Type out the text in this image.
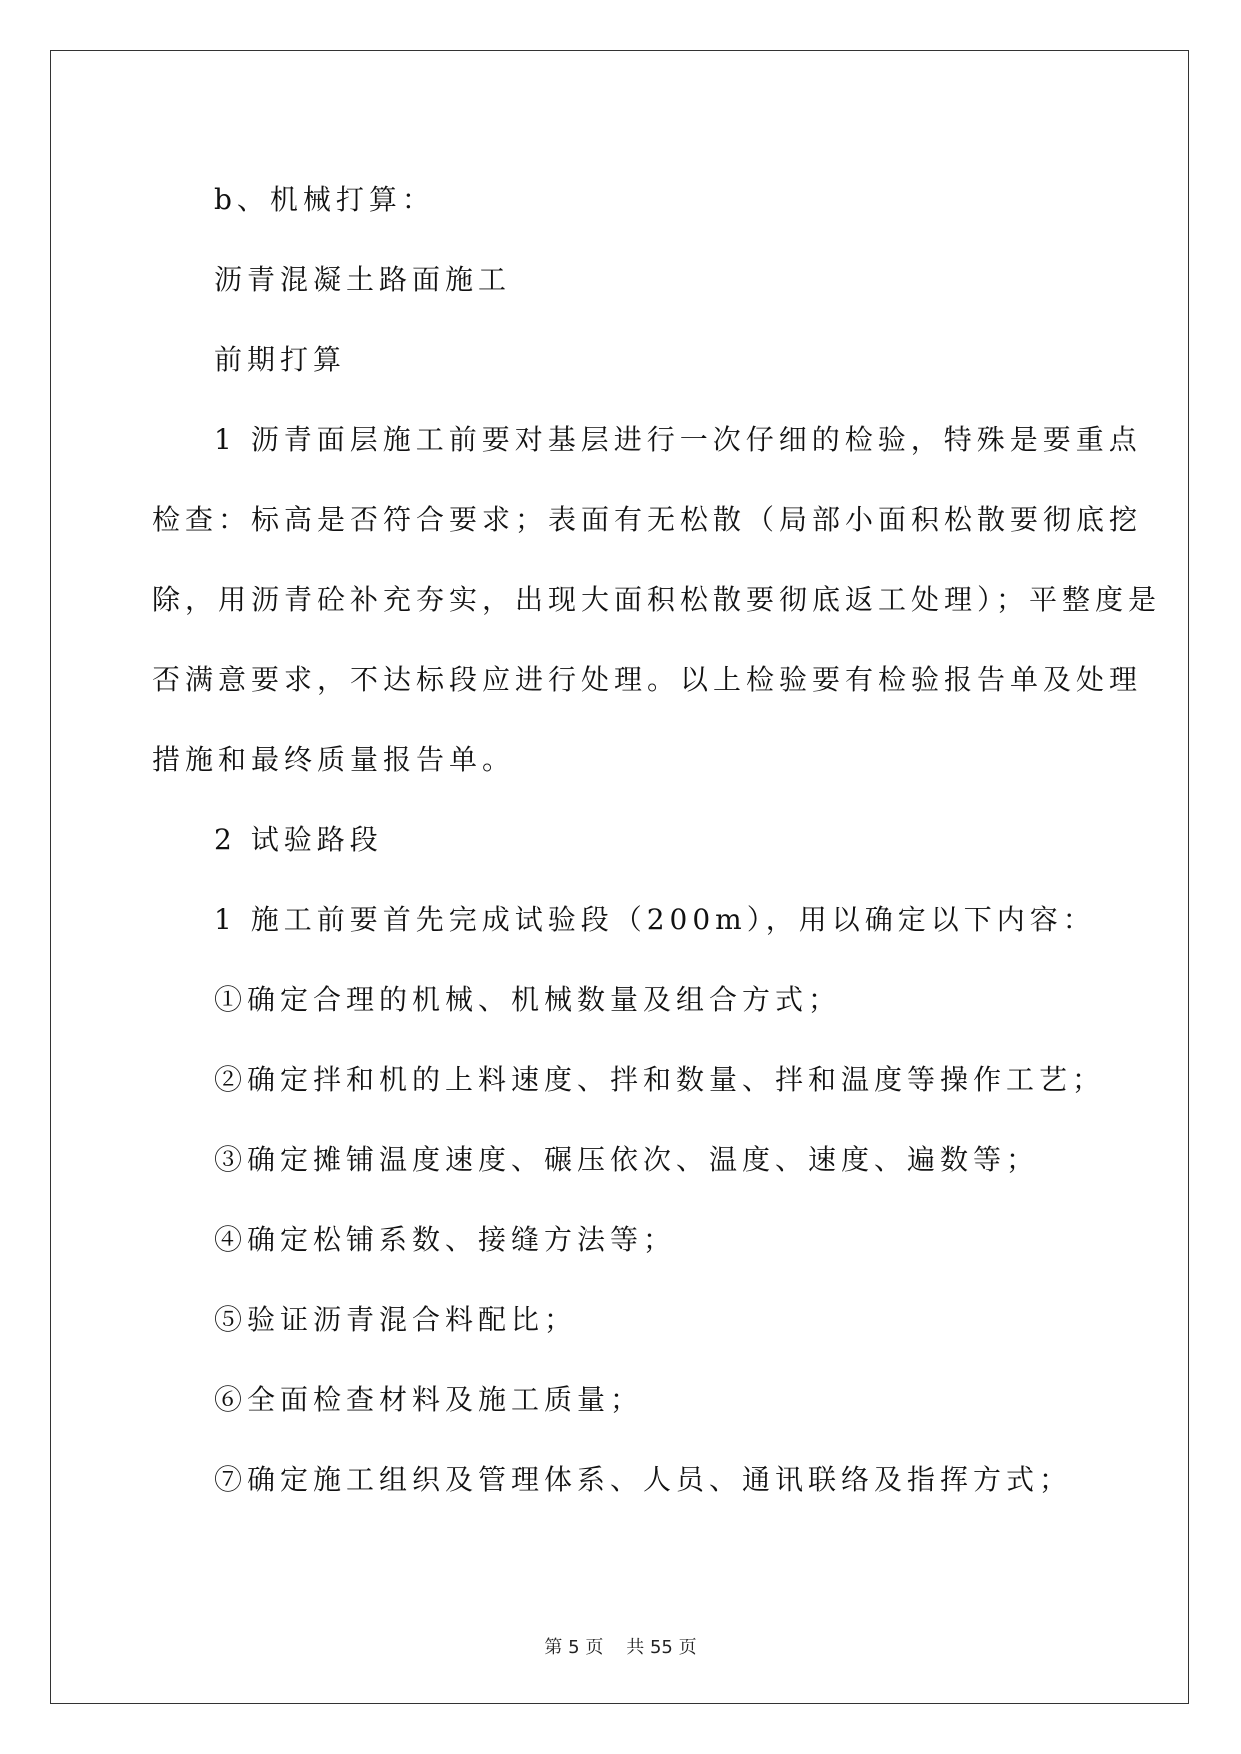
b、机械打算：
沥青混凝土路面施工
前期打算
1 沥青面层施工前要对基层进行一次仔细的检验，特殊是要重点
检查：标高是否符合要求；表面有无松散（局部小面积松散要彻底挖
除，用沥青砼补充夯实，出现大面积松散要彻底返工处理）；平整度是
否满意要求，不达标段应进行处理。以上检验要有检验报告单及处理
措施和最终质量报告单。
2 试验路段
1 施工前要首先完成试验段（200m），用以确定以下内容：
①确定合理的机械、机械数量及组合方式；
②确定拌和机的上料速度、拌和数量、拌和温度等操作工艺；
③确定摊铺温度速度、碾压依次、温度、速度、遍数等；
④确定松铺系数、接缝方法等；
⑤验证沥青混合料配比；
⑥全面检查材料及施工质量；
⑦确定施工组织及管理体系、人员、通讯联络及指挥方式；
第 5 页 共 55 页
